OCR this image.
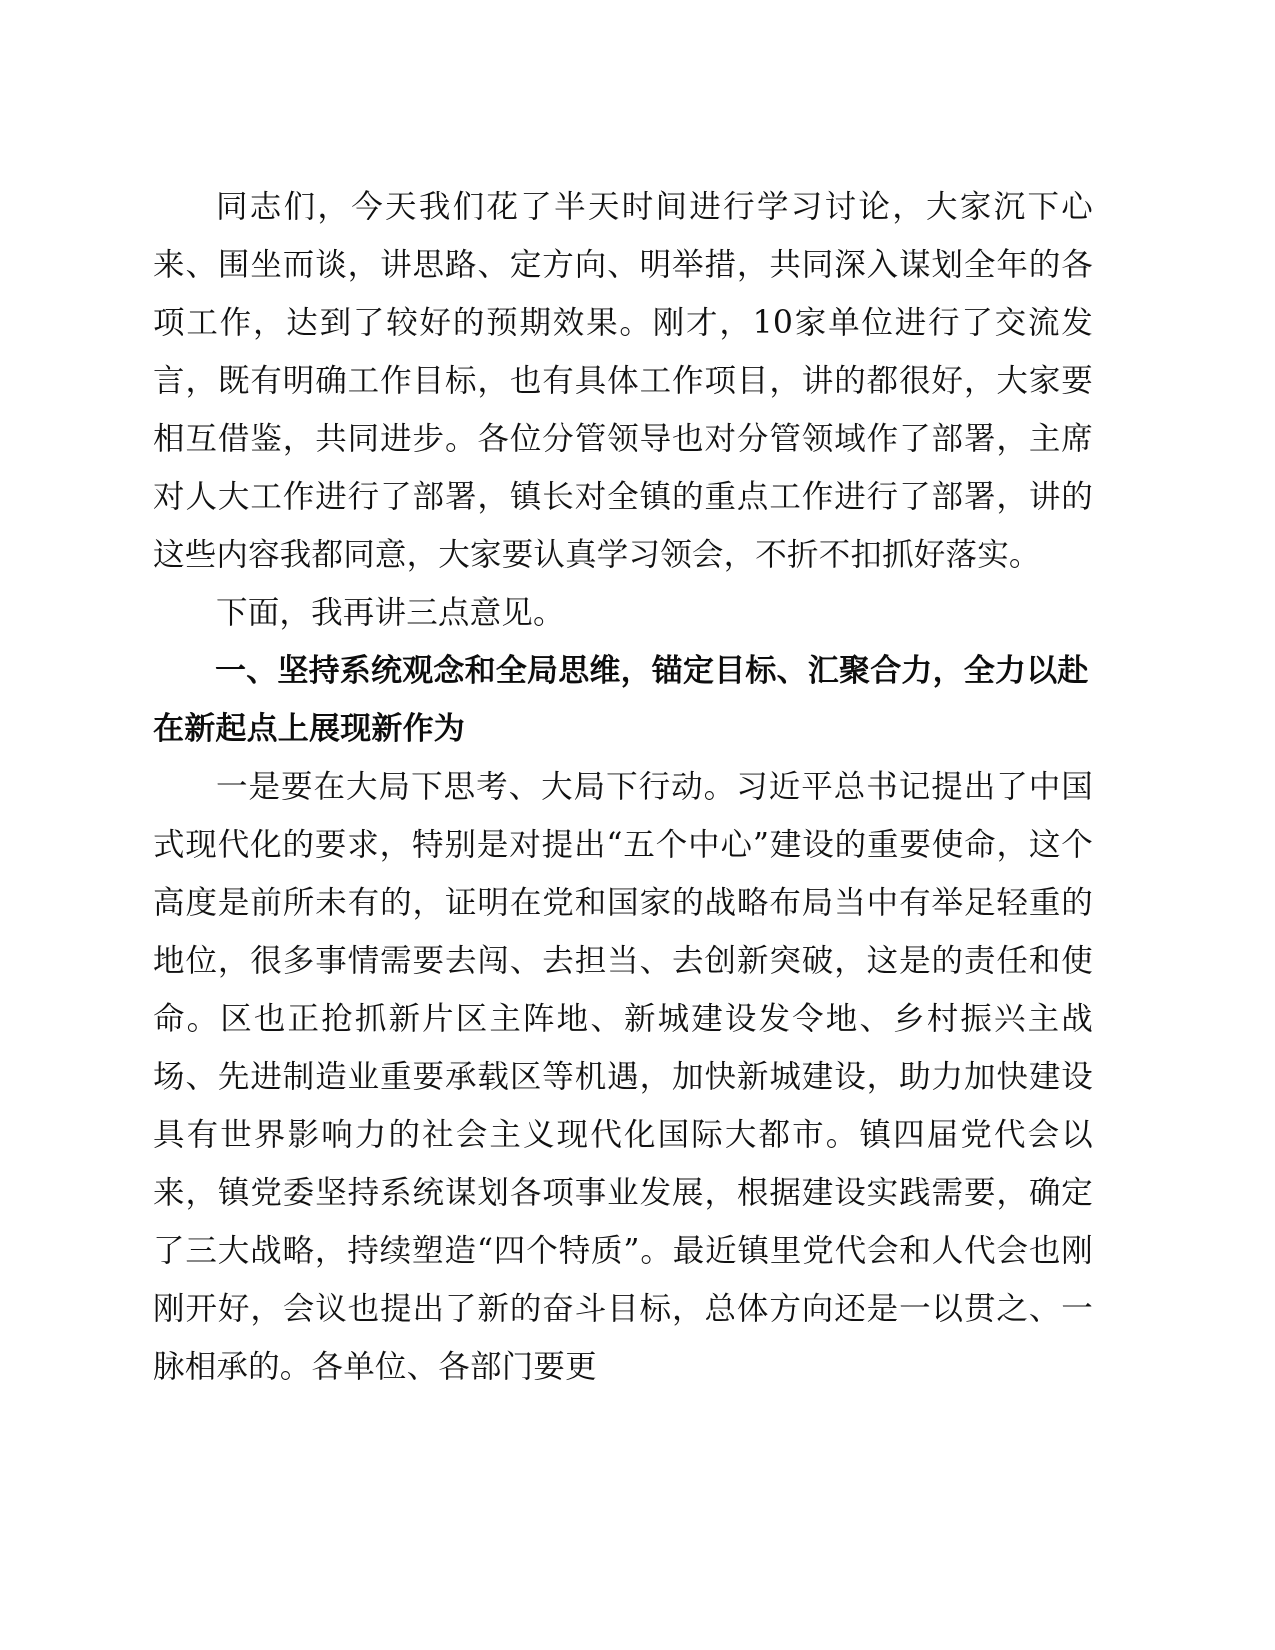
同志们，今天我们花了半天时间进行学习讨论，大家沉下心来、围坐而谈，讲思路、定方向、明举措，共同深入谋划全年的各项工作，达到了较好的预期效果。刚才，10家单位进行了交流发言，既有明确工作目标，也有具体工作项目，讲的都很好，大家要相互借鉴，共同进步。各位分管领导也对分管领域作了部署，主席对人大工作进行了部署，镇长对全镇的重点工作进行了部署，讲的这些内容我都同意，大家要认真学习领会，不折不扣抓好落实。

下面，我再讲三点意见。

一、坚持系统观念和全局思维，锚定目标、汇聚合力，全力以赴在新起点上展现新作为

一是要在大局下思考、大局下行动。习近平总书记提出了中国式现代化的要求，特别是对提出“五个中心”建设的重要使命，这个高度是前所未有的，证明在党和国家的战略布局当中有举足轻重的地位，很多事情需要去闯、去担当、去创新突破，这是的责任和使命。区也正抢抓新片区主阵地、新城建设发令地、乡村振兴主战场、先进制造业重要承载区等机遇，加快新城建设，助力加快建设具有世界影响力的社会主义现代化国际大都市。镇四届党代会以来，镇党委坚持系统谋划各项事业发展，根据建设实践需要，确定了三大战略，持续塑造“四个特质”。最近镇里党代会和人代会也刚刚开好，会议也提出了新的奋斗目标，总体方向还是一以贯之、一脉相承的。各单位、各部门要更
